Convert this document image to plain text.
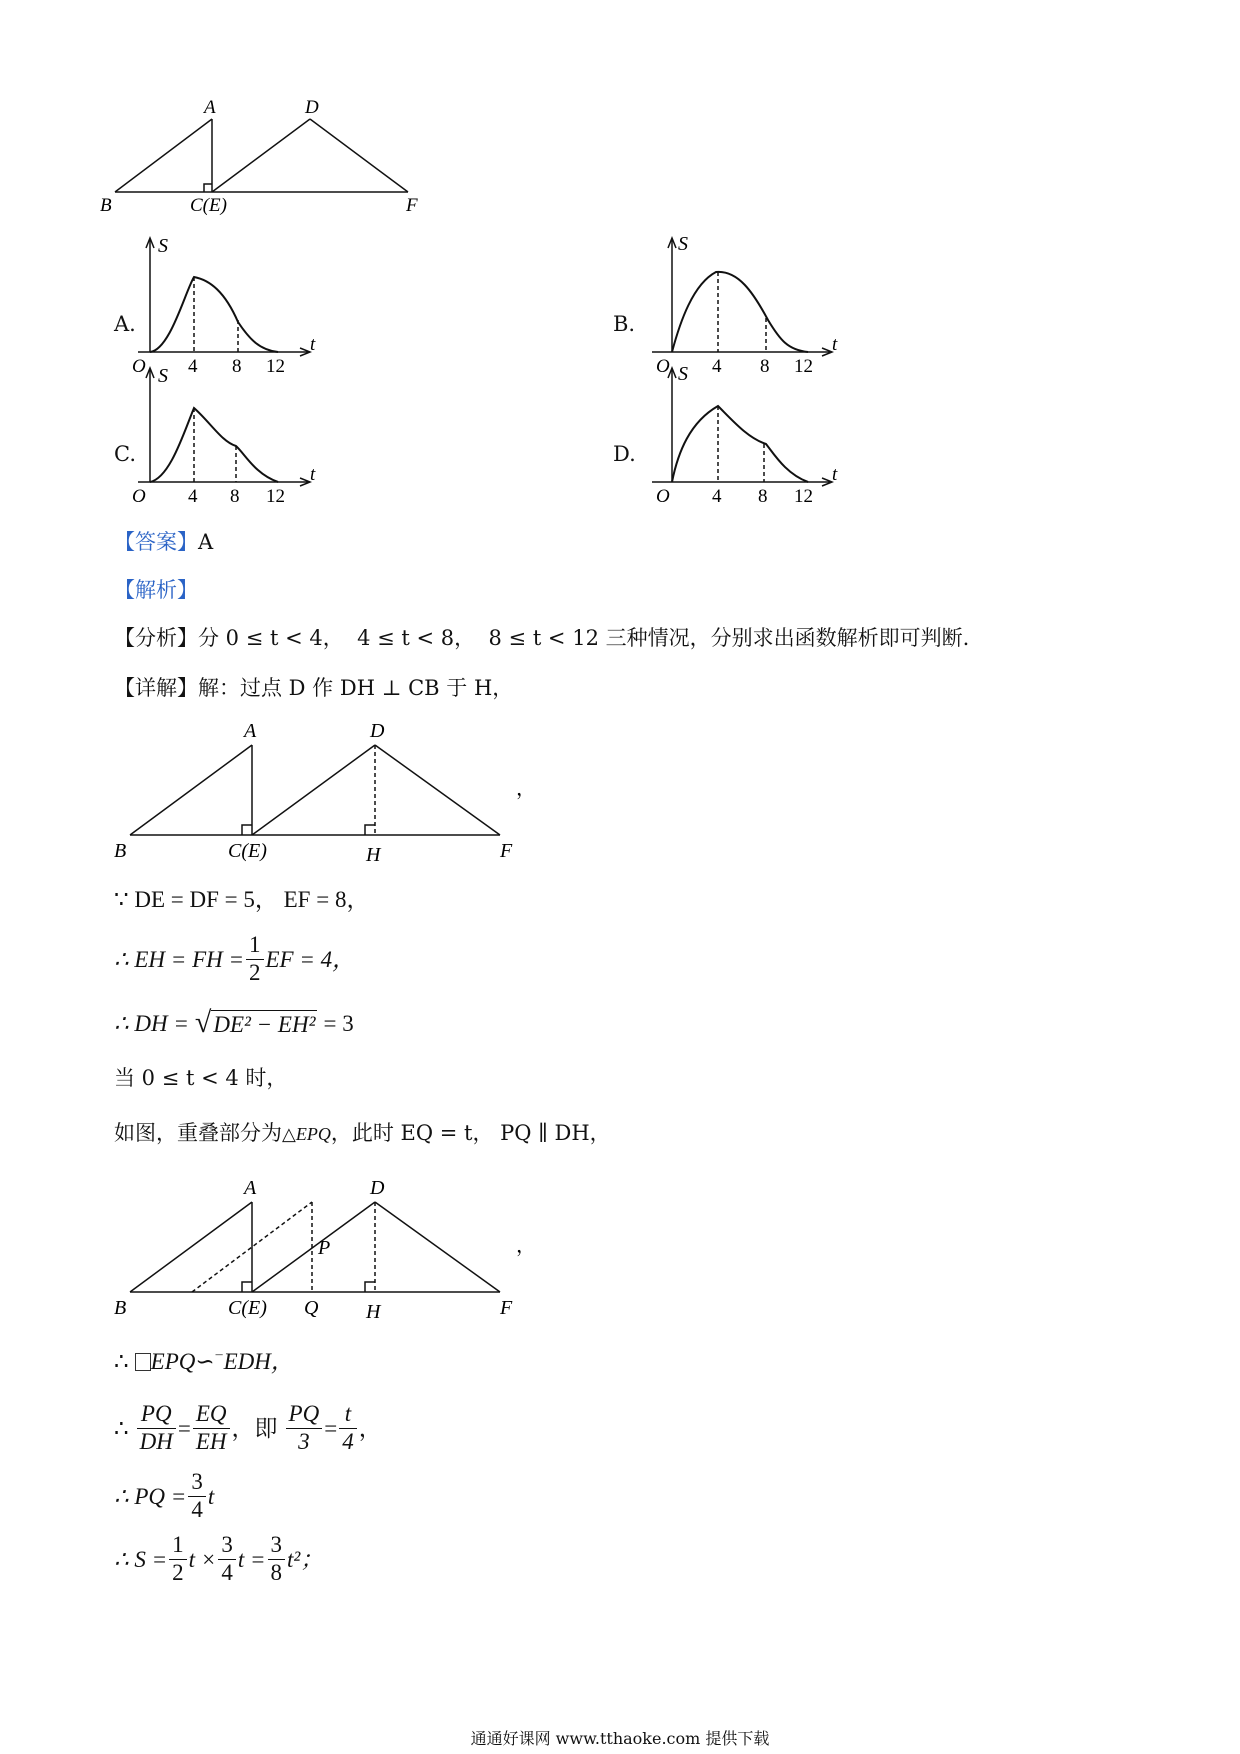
A	D
B	C(E)	F
A.
S
t
O 4 8 12
B.
S
t
O 4 8 12
C.
S
t
O 4 8 12
D.
S
t
O 4 8 12
【答案】A
【解析】
【分析】分 0 ≤ t < 4， 4 ≤ t < 8， 8 ≤ t < 12 三种情况，分别求出函数解析即可判断.
【详解】解：过点 D 作 DH ⊥ CB 于 H，
A	D
B	C(E)	H	F
，
∵ DE = DF = 5， EF = 8，
∴ EH = FH = $\frac{1}{2}$ EF = 4，
∴ DH = √ DE² − EH² = 3
当 0 ≤ t < 4 时，
如图，重叠部分为△EPQ，此时 EQ = t， PQ ∥ DH，
A	D
P
B	C(E) Q H	F
，
∴ EPQ∽ ¯ EDH，
∴ $\frac{PQ}{DH} = \frac{EQ}{EH}$ ，即 $\frac{PQ}{3} = \frac{t}{4}$ ，
∴ PQ = $\frac{3}{4}$ t
∴ $S = \frac{1}{2}$ $t \times \frac{3}{4}$ $t = \frac{3}{8} t^2$；
通通好课网 www.tthaoke.com 提供下载
